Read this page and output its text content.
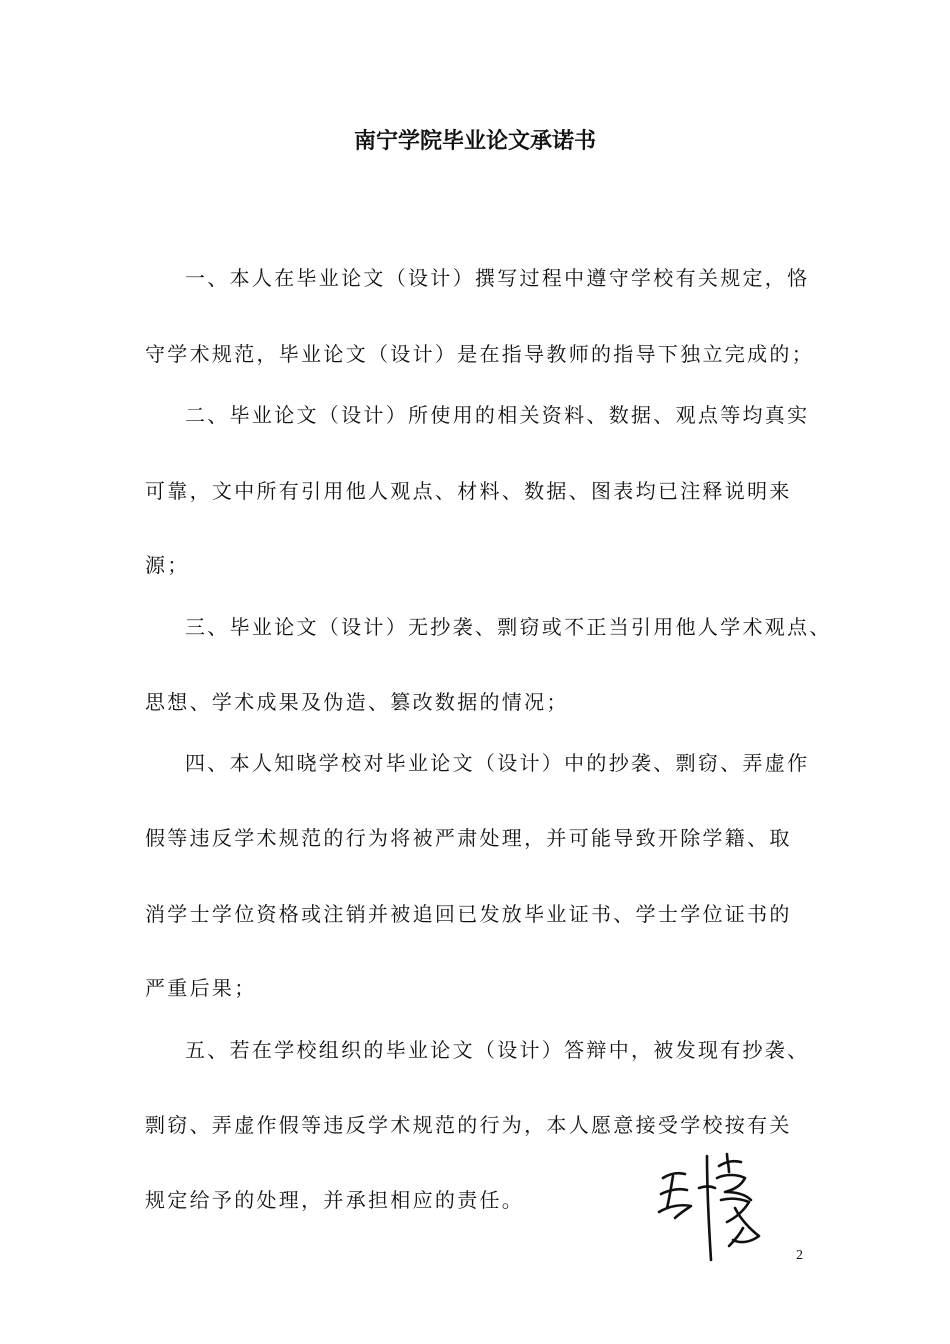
南宁学院毕业论文承诺书
一、本人在毕业论文（设计）撰写过程中遵守学校有关规定，恪
守学术规范，毕业论文（设计）是在指导教师的指导下独立完成的；
二、毕业论文（设计）所使用的相关资料、数据、观点等均真实
可靠，文中所有引用他人观点、材料、数据、图表均已注释说明来
源；
三、毕业论文（设计）无抄袭、剽窃或不正当引用他人学术观点、
思想、学术成果及伪造、篡改数据的情况；
四、本人知晓学校对毕业论文（设计）中的抄袭、剽窃、弄虚作
假等违反学术规范的行为将被严肃处理，并可能导致开除学籍、取
消学士学位资格或注销并被追回已发放毕业证书、学士学位证书的
严重后果；
五、若在学校组织的毕业论文（设计）答辩中，被发现有抄袭、
剽窃、弄虚作假等违反学术规范的行为，本人愿意接受学校按有关
规定给予的处理，并承担相应的责任。
2
